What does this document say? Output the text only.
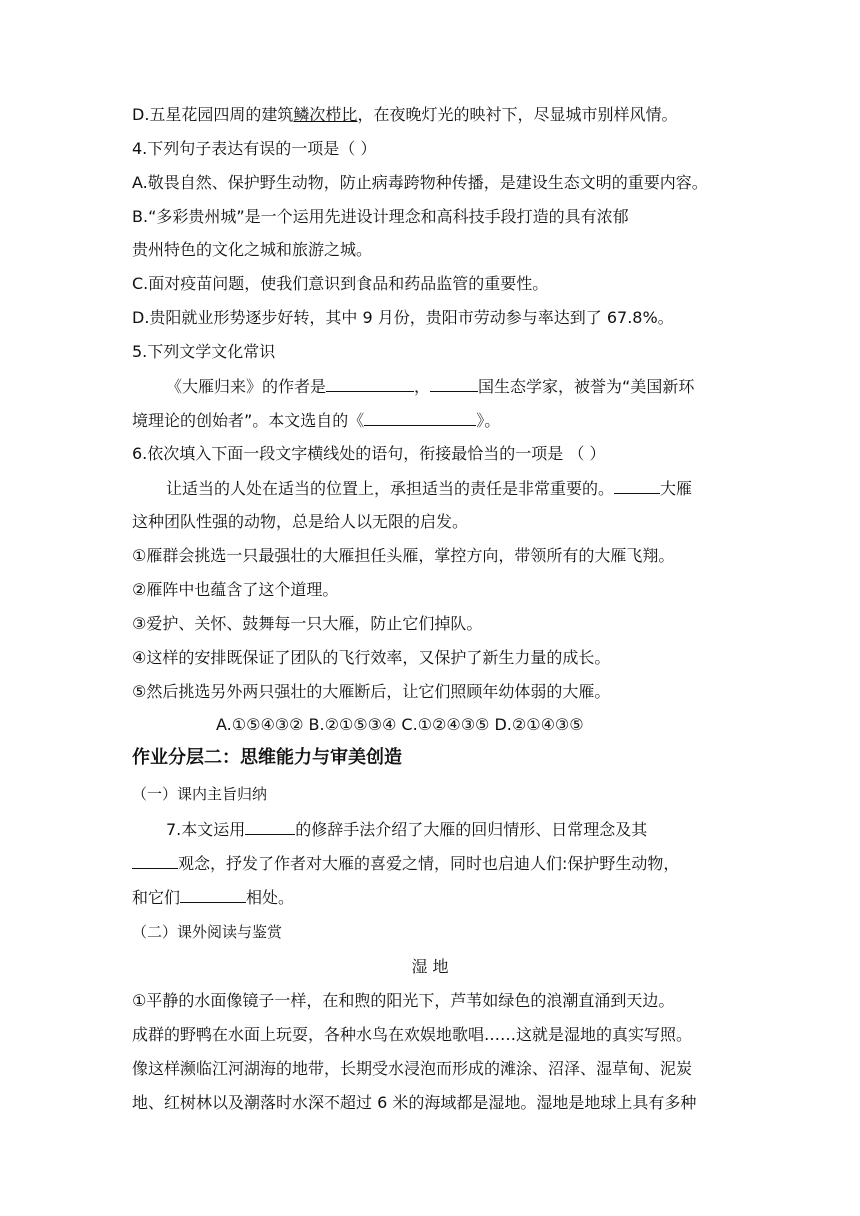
D.五星花园四周的建筑鳞次栉比，在夜晚灯光的映衬下，尽显城市别样风情。
4.下列句子表达有误的一项是（ ）
A.敬畏自然、保护野生动物，防止病毒跨物种传播，是建设生态文明的重要内容。
B.“多彩贵州城”是一个运用先进设计理念和高科技手段打造的具有浓郁
贵州特色的文化之城和旅游之城。
C.面对疫苗问题，使我们意识到食品和药品监管的重要性。
D.贵阳就业形势逐步好转，其中 9 月份，贵阳市劳动参与率达到了 67.8%。
5.下列文学文化常识
《大雁归来》的作者是	，	国生态学家，被誉为“美国新环
境理论的创始者”。本文选自的《	》。
6.依次填入下面一段文字横线处的语句，衔接最恰当的一项是 （ ）
让适当的人处在适当的位置上，承担适当的责任是非常重要的。	大雁
这种团队性强的动物，总是给人以无限的启发。
①雁群会挑选一只最强壮的大雁担任头雁，掌控方向，带领所有的大雁飞翔。
②雁阵中也蕴含了这个道理。
③爱护、关怀、鼓舞每一只大雁，防止它们掉队。
④这样的安排既保证了团队的飞行效率，又保护了新生力量的成长。
⑤然后挑选另外两只强壮的大雁断后，让它们照顾年幼体弱的大雁。
A.①⑤④③② B.②①⑤③④ C.①②④③⑤ D.②①④③⑤
作业分层二：思维能力与审美创造
（一）课内主旨归纳
7.本文运用	的修辞手法介绍了大雁的回归情形、日常理念及其
观念，抒发了作者对大雁的喜爱之情，同时也启迪人们:保护野生动物，
和它们	相处。
（二）课外阅读与鉴赏
湿 地
①平静的水面像镜子一样，在和煦的阳光下，芦苇如绿色的浪潮直涌到天边。
成群的野鸭在水面上玩耍，各种水鸟在欢娱地歌唱……这就是湿地的真实写照。
像这样濒临江河湖海的地带，长期受水浸泡而形成的滩涂、沼泽、湿草甸、泥炭
地、红树林以及潮落时水深不超过 6 米的海域都是湿地。湿地是地球上具有多种
